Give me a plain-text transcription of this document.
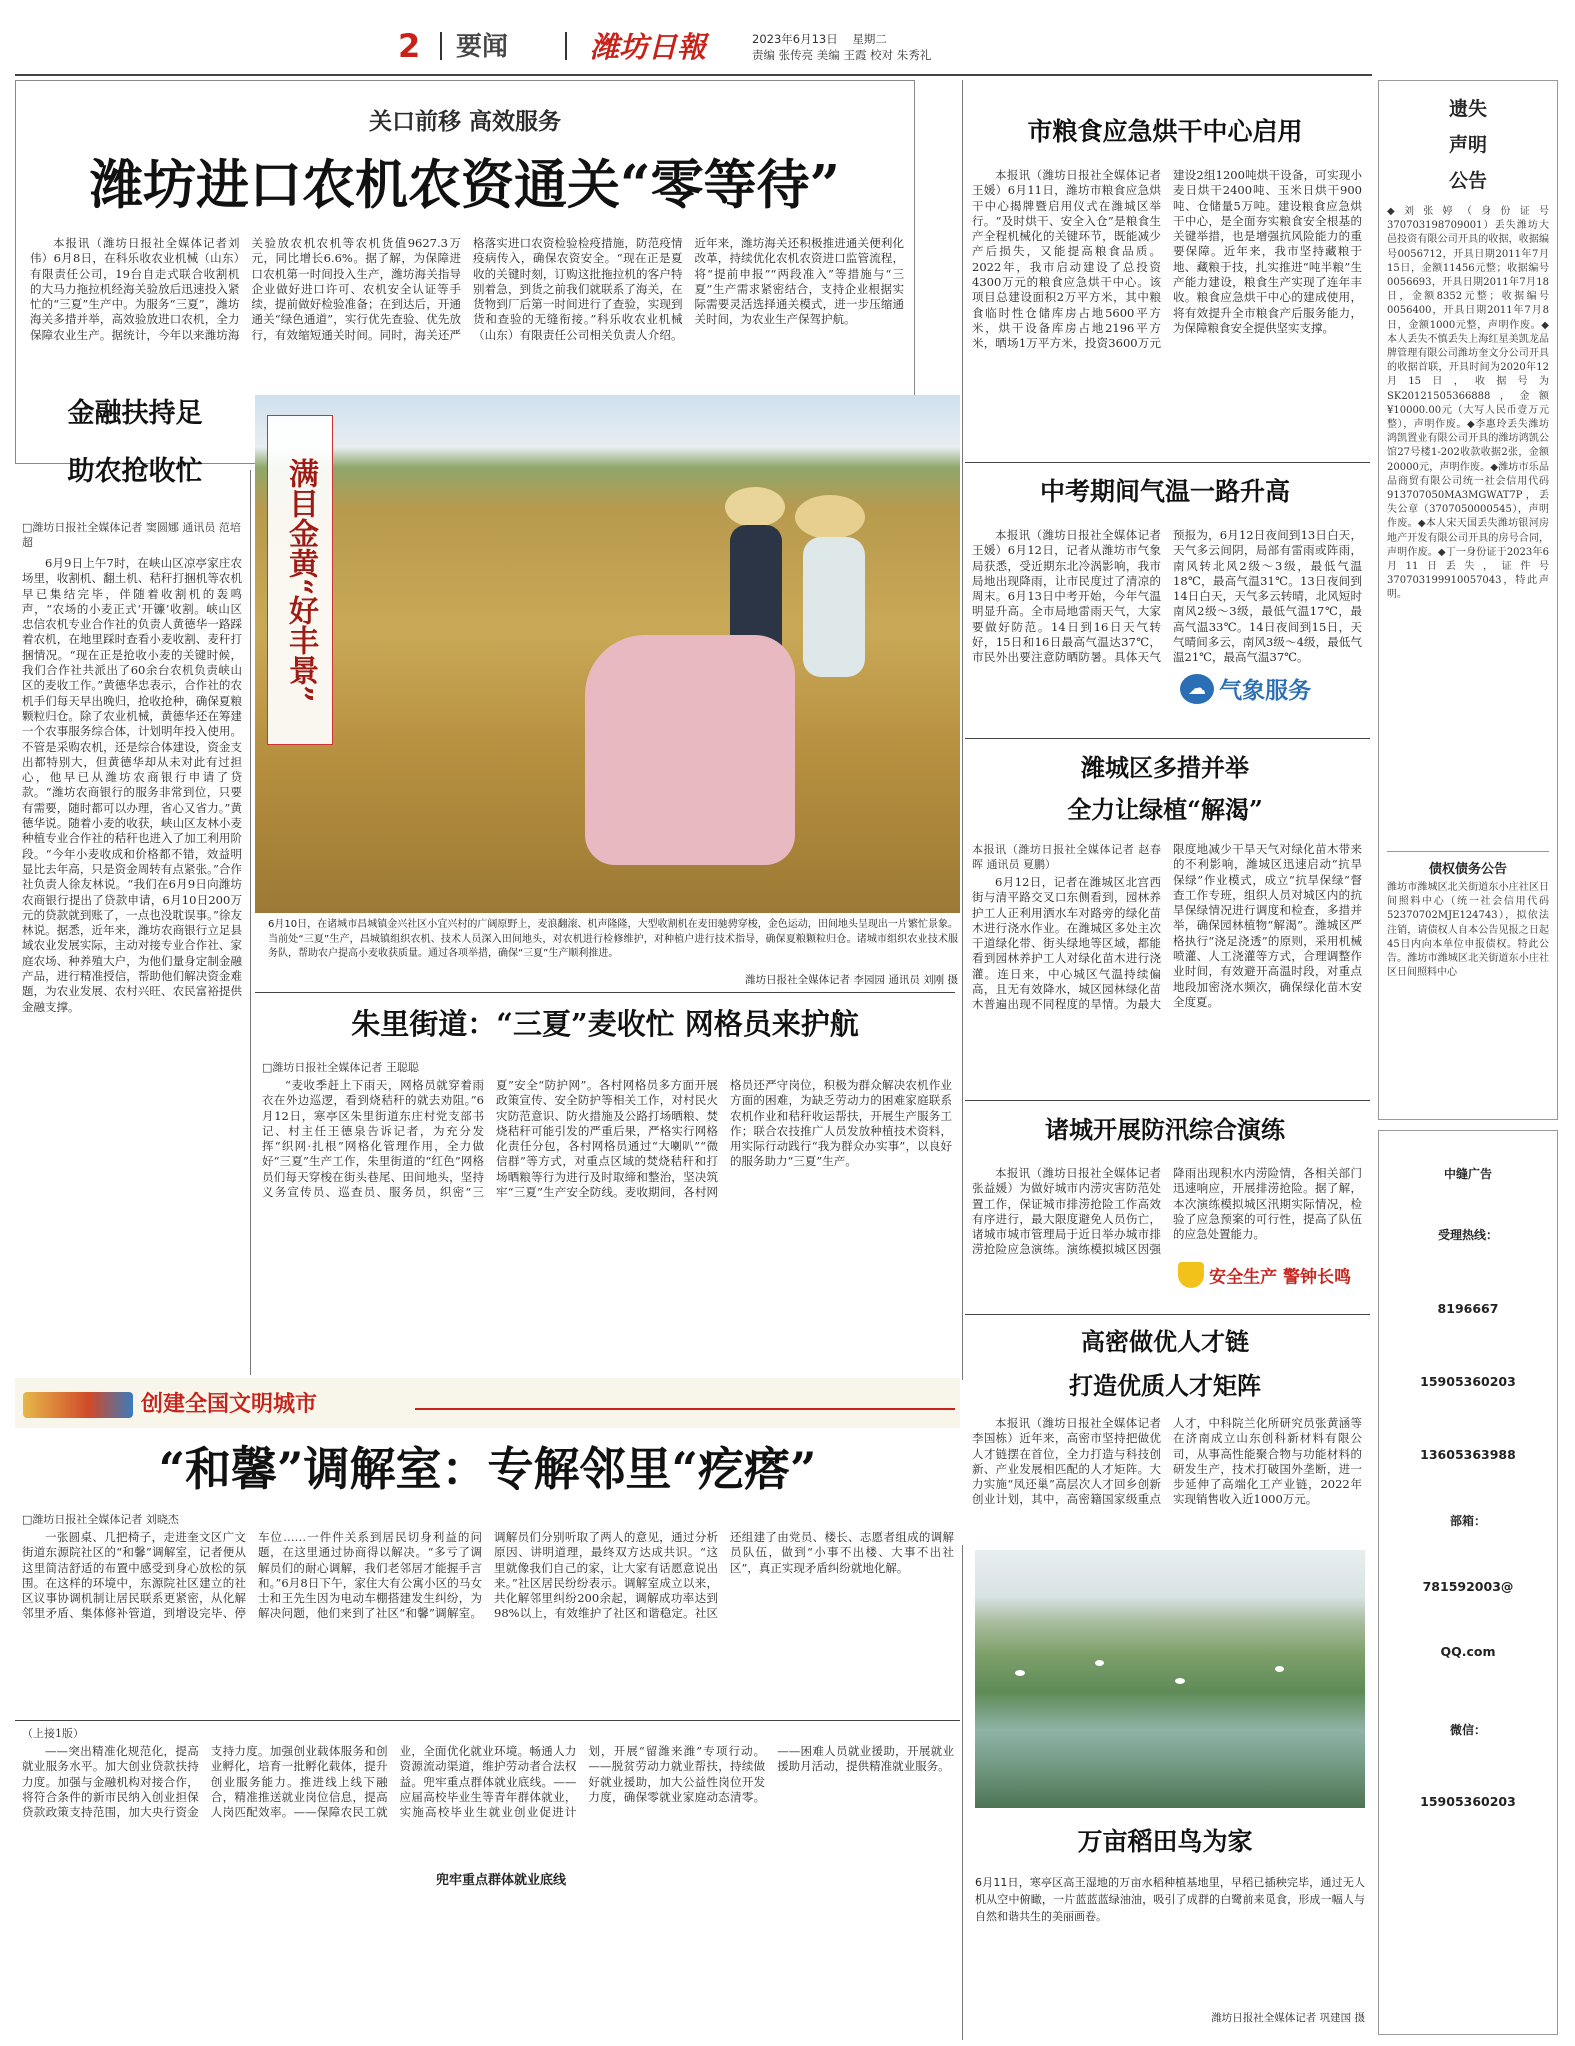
2 要闻	潍坊日報	2023年6月13日 星期二
责编 张传亮 美编 王霞 校对 朱秀礼
关口前移 高效服务
潍坊进口农机农资通关“零等待”

本报讯（潍坊日报社全媒体记者刘伟）6月8日，在科乐收农业机械（山东）有限责任公司，19台自走式联合收割机的大马力拖拉机经海关验放后迅速投入紧忙的“三夏”生产中。为服务“三夏”，潍坊海关多措并举，高效验放进口农机，全力保障农业生产。据统计，今年以来潍坊海关验放农机农机等农机货值9627.3万元，同比增长6.6%。据了解，为保障进口农机第一时间投入生产，潍坊海关指导企业做好进口许可、农机安全认证等手续，提前做好检验准备；在到达后，开通通关“绿色通道”，实行优先查验、优先放行，有效缩短通关时间。同时，海关还严格落实进口农资检验检疫措施，防范疫情疫病传入，确保农资安全。“现在正是夏收的关键时刻，订购这批拖拉机的客户特别着急，到货之前我们就联系了海关，在货物到厂后第一时间进行了查验，实现到货和查验的无缝衔接。”科乐收农业机械（山东）有限责任公司相关负责人介绍。近年来，潍坊海关还积极推进通关便利化改革，持续优化农机农资进口监管流程，将“提前申报”“两段准入”等措施与“三夏”生产需求紧密结合，支持企业根据实际需要灵活选择通关模式，进一步压缩通关时间，为农业生产保驾护航。

金融扶持足
助农抢收忙
□潍坊日报社全媒体记者 窦圆娜 通讯员 范培超

6月9日上午7时，在峡山区凉亭家庄农场里，收割机、翻土机、秸秆打捆机等农机早已集结完毕，伴随着收割机的轰鸣声，“农场的小麦正式‘开镰’收割。峡山区忠信农机专业合作社的负责人黄德华一路踩着农机，在地里踩时查看小麦收割、麦秆打捆情况。“现在正是抢收小麦的关键时候，我们合作社共派出了60余台农机负责峡山区的麦收工作。”黄德华忠表示，合作社的农机手们每天早出晚归，抢收抢种，确保夏粮颗粒归仓。除了农业机械，黄德华还在筹建一个农事服务综合体，计划明年投入使用。不管是采购农机，还是综合体建设，资金支出都特别大，但黄德华却从未对此有过担心，他早已从潍坊农商银行申请了贷款。“潍坊农商银行的服务非常到位，只要有需要，随时都可以办理，省心又省力。”黄德华说。随着小麦的收获，峡山区友林小麦种植专业合作社的秸秆也进入了加工利用阶段。“今年小麦收成和价格都不错，效益明显比去年高，只是资金周转有点紧张。”合作社负责人徐友林说。“我们在6月9日向潍坊农商银行提出了贷款申请，6月10日200万元的贷款就到账了，一点也没耽误事。”徐友林说。据悉，近年来，潍坊农商银行立足县域农业发展实际，主动对接专业合作社、家庭农场、种养殖大户，为他们量身定制金融产品，进行精准授信，帮助他们解决资金难题，为农业发展、农村兴旺、农民富裕提供金融支撑。

满目金黄“好丰景”
6月10日，在诸城市昌城镇金兴社区小宜兴村的广阔原野上，麦浪翻滚、机声隆隆，大型收割机在麦田驰骋穿梭，金色运动，田间地头呈现出一片繁忙景象。当前处“三夏”生产，昌城镇组织农机、技术人员深入田间地头，对农机进行检修维护，对种植户进行技术指导，确保夏粮颗粒归仓。诸城市组织农业技术服务队，帮助农户提高小麦收获质量。通过各项举措，确保“三夏”生产顺利推进。
潍坊日报社全媒体记者 李园园 通讯员 刘刚 摄
朱里街道：“三夏”麦收忙 网格员来护航
□潍坊日报社全媒体记者 王聪聪

“麦收季赶上下雨天，网格员就穿着雨衣在外边巡逻，看到烧秸秆的就去劝阻。”6月12日，寒亭区朱里街道东庄村党支部书记、村主任王德泉告诉记者，为充分发挥“织网·扎根”网格化管理作用，全力做好“三夏”生产工作，朱里街道的“红色”网格员们每天穿梭在街头巷尾、田间地头，坚持义务宣传员、巡查员、服务员，织密“三夏”安全“防护网”。各村网格员多方面开展政策宣传、安全防护等相关工作，对村民火灾防范意识、防火措施及公路打场晒粮、焚烧秸秆可能引发的严重后果，严格实行网格化责任分包，各村网格员通过“大喇叭”“微信群”等方式，对重点区域的焚烧秸秆和打场晒粮等行为进行及时取缔和整治，坚决筑牢“三夏”生产安全防线。麦收期间，各村网格员还严守岗位，积极为群众解决农机作业方面的困难，为缺乏劳动力的困难家庭联系农机作业和秸秆收运帮扶，开展生产服务工作；联合农技推广人员发放种植技术资料，用实际行动践行“我为群众办实事”，以良好的服务助力“三夏”生产。

市粮食应急烘干中心启用

本报讯（潍坊日报社全媒体记者 王媛）6月11日，潍坊市粮食应急烘干中心揭牌暨启用仪式在潍城区举行。“及时烘干、安全入仓”是粮食生产全程机械化的关键环节，既能减少产后损失，又能提高粮食品质。2022年，我市启动建设了总投资4300万元的粮食应急烘干中心。该项目总建设面积2万平方米，其中粮食临时性仓储库房占地5600平方米，烘干设备库房占地2196平方米，晒场1万平方米，投资3600万元建设2组1200吨烘干设备，可实现小麦日烘干2400吨、玉米日烘干900吨、仓储量5万吨。建设粮食应急烘干中心，是全面夯实粮食安全根基的关键举措，也是增强抗风险能力的重要保障。近年来，我市坚持藏粮于地、藏粮于技，扎实推进“吨半粮”生产能力建设，粮食生产实现了连年丰收。粮食应急烘干中心的建成使用，将有效提升全市粮食产后服务能力，为保障粮食安全提供坚实支撑。

中考期间气温一路升高

本报讯（潍坊日报社全媒体记者 王媛）6月12日，记者从潍坊市气象局获悉，受近期东北冷涡影响，我市局地出现降雨，让市民度过了清凉的周末。6月13日中考开始，今年气温明显升高。全市局地雷雨天气，大家要做好防范。14日到16日天气转好，15日和16日最高气温达37℃，市民外出要注意防晒防暑。具体天气预报为，6月12日夜间到13日白天，天气多云间阴，局部有雷雨或阵雨，南风转北风2级～3级，最低气温18℃，最高气温31℃。13日夜间到14日白天，天气多云转晴，北风短时南风2级～3级，最低气温17℃，最高气温33℃。14日夜间到15日，天气晴间多云，南风3级～4级，最低气温21℃，最高气温37℃。

☁ 气象服务
潍城区多措并举
全力让绿植“解渴”
本报讯（潍坊日报社全媒体记者 赵春晖 通讯员 夏鹏）

6月12日，记者在潍城区北宫西街与清平路交叉口东侧看到，园林养护工人正利用洒水车对路旁的绿化苗木进行浇水作业。在潍城区多处主次干道绿化带、街头绿地等区域，都能看到园林养护工人对绿化苗木进行浇灌。连日来，中心城区气温持续偏高，且无有效降水，城区园林绿化苗木普遍出现不同程度的旱情。为最大限度地减少干旱天气对绿化苗木带来的不利影响，潍城区迅速启动“抗旱保绿”作业模式，成立“抗旱保绿”督查工作专班，组织人员对城区内的抗旱保绿情况进行调度和检查，多措并举，确保园林植物“解渴”。潍城区严格执行“浇足浇透”的原则，采用机械喷灌、人工浇灌等方式，合理调整作业时间，有效避开高温时段，对重点地段加密浇水频次，确保绿化苗木安全度夏。

诸城开展防汛综合演练

本报讯（潍坊日报社全媒体记者 张益媛）为做好城市内涝灾害防范处置工作，保证城市排涝抢险工作高效有序进行，最大限度避免人员伤亡，诸城市城市管理局于近日举办城市排涝抢险应急演练。演练模拟城区因强降雨出现积水内涝险情，各相关部门迅速响应，开展排涝抢险。据了解，本次演练模拟城区汛期实际情况，检验了应急预案的可行性，提高了队伍的应急处置能力。

安全生产 警钟长鸣
高密做优人才链
打造优质人才矩阵

本报讯（潍坊日报社全媒体记者 李国栋）近年来，高密市坚持把做优人才链摆在首位，全力打造与科技创新、产业发展相匹配的人才矩阵。大力实施“凤还巢”高层次人才回乡创新创业计划，其中，高密籍国家级重点人才，中科院兰化所研究员张黄涵等在济南成立山东创科新材料有限公司，从事高性能聚合物与功能材料的研发生产，技术打破国外垄断，进一步延伸了高端化工产业链，2022年实现销售收入近1000万元。

创建全国文明城市
“和馨”调解室：专解邻里“疙瘩”
□潍坊日报社全媒体记者 刘晓杰

一张圆桌、几把椅子，走进奎文区广文街道东源院社区的“和馨”调解室，记者便从这里简洁舒适的布置中感受到身心放松的氛围。在这样的环境中，东源院社区建立的社区议事协调机制让居民联系更紧密，从化解邻里矛盾、集体修补管道，到增设完毕、停车位……一件件关系到居民切身利益的问题，在这里通过协商得以解决。“多亏了调解员们的耐心调解，我们老邻居才能握手言和。”6月8日下午，家住大有公寓小区的马女士和王先生因为电动车棚搭建发生纠纷，为解决问题，他们来到了社区“和馨”调解室。调解员们分别听取了两人的意见，通过分析原因、讲明道理，最终双方达成共识。“这里就像我们自己的家，让大家有话愿意说出来。”社区居民纷纷表示。调解室成立以来，共化解邻里纠纷200余起，调解成功率达到98%以上，有效维护了社区和谐稳定。社区还组建了由党员、楼长、志愿者组成的调解员队伍，做到“小事不出楼、大事不出社区”，真正实现矛盾纠纷就地化解。

（上接1版）

——突出精准化规范化，提高就业服务水平。加大创业贷款扶持力度。加强与金融机构对接合作，将符合条件的新市民纳入创业担保贷款政策支持范围，加大央行资金支持力度。加强创业载体服务和创业孵化，培育一批孵化载体，提升创业服务能力。推进线上线下融合，精准推送就业岗位信息，提高人岗匹配效率。——保障农民工就业，全面优化就业环境。畅通人力资源流动渠道，维护劳动者合法权益。兜牢重点群体就业底线。——应届高校毕业生等青年群体就业，实施高校毕业生就业创业促进计划，开展“留潍来潍”专项行动。——脱贫劳动力就业帮扶，持续做好就业援助，加大公益性岗位开发力度，确保零就业家庭动态清零。——困难人员就业援助，开展就业援助月活动，提供精准就业服务。

兜牢重点群体就业底线
万亩稻田鸟为家
6月11日，寒亭区高王湿地的万亩水稻种植基地里，早稻已插秧完毕，通过无人机从空中俯瞰，一片蓝蓝蓝绿油油，吸引了成群的白鹭前来觅食，形成一幅人与自然和谐共生的美丽画卷。
潍坊日报社全媒体记者 巩建国 摄
遗失
声明
公告
◆刘张婷（身份证号370703198709001）丢失潍坊大邑投资有限公司开具的收据，收据编号0056712，开具日期2011年7月15日，金额11456元整；收据编号0056693，开具日期2011年7月18日，金额8352元整；收据编号0056400，开具日期2011年7月8日，金额1000元整，声明作废。◆本人丢失不慎丢失上海红星美凯龙品牌管理有限公司潍坊奎文分公司开具的收据首联，开具时间为2020年12月15日，收据号为SK20121505366888，金额¥10000.00元（大写人民币壹万元整），声明作废。◆李惠玲丢失潍坊鸿凯置业有限公司开具的潍坊鸿凯公馆27号楼1-202收款收据2张，金额20000元，声明作废。◆潍坊市乐品品商贸有限公司统一社会信用代码913707050MA3MGWAT7P，丢失公章（3707050000545），声明作废。◆本人宋天国丢失潍坊银河房地产开发有限公司开具的房号合同，声明作废。◆丁一身份证于2023年6月11日丢失，证件号370703199910057043，特此声明。
债权债务公告
潍坊市潍城区北关街道东小庄社区日间照料中心（统一社会信用代码52370702MJE124743），拟依法注销，请债权人自本公告见报之日起45日内向本单位申报债权。特此公告。潍坊市潍城区北关街道东小庄社区日间照料中心
中缝广告
受理热线：
8196667
15905360203
13605363988
部箱：
781592003@
QQ.com
微信：
15905360203
